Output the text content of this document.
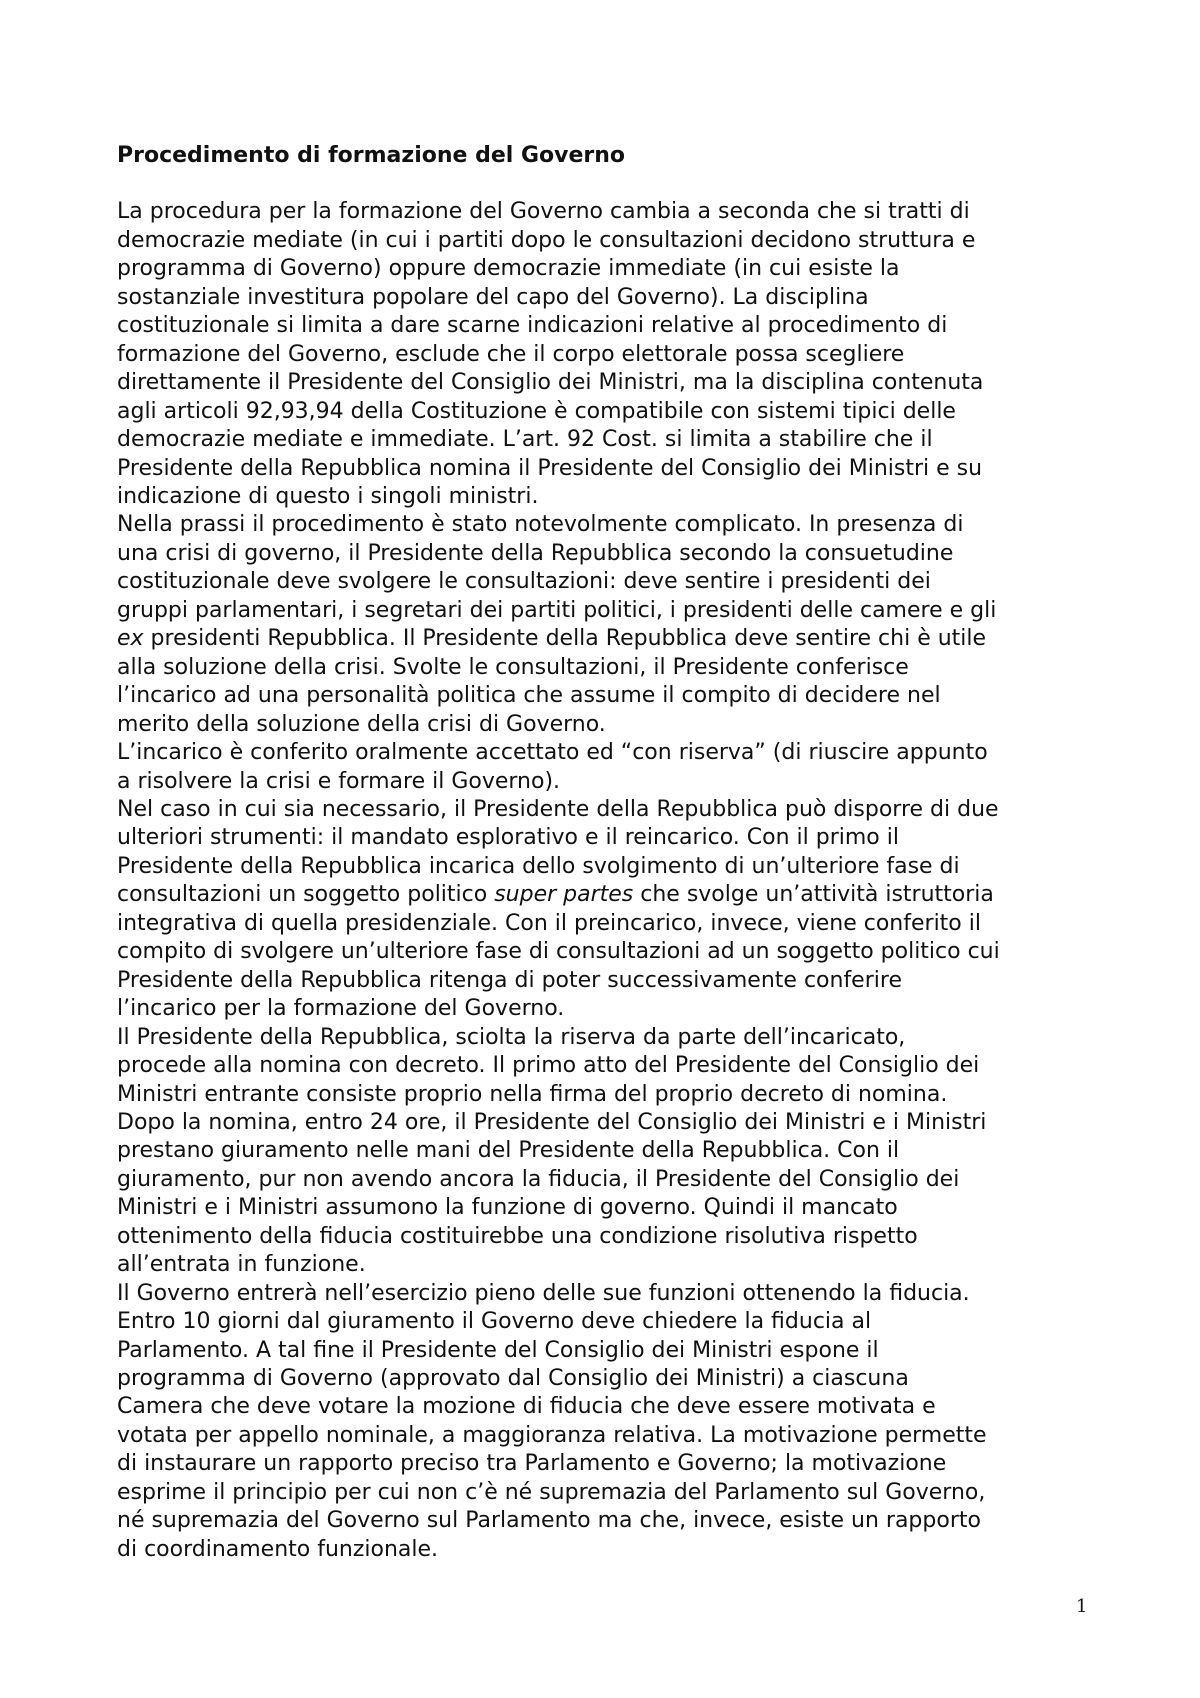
Procedimento di formazione del Governo
La procedura per la formazione del Governo cambia a seconda che si tratti di
democrazie mediate (in cui i partiti dopo le consultazioni decidono struttura e
programma di Governo) oppure democrazie immediate (in cui esiste la
sostanziale investitura popolare del capo del Governo). La disciplina
costituzionale si limita a dare scarne indicazioni relative al procedimento di
formazione del Governo, esclude che il corpo elettorale possa scegliere
direttamente il Presidente del Consiglio dei Ministri, ma la disciplina contenuta
agli articoli 92,93,94 della Costituzione è compatibile con sistemi tipici delle
democrazie mediate e immediate. L’art. 92 Cost. si limita a stabilire che il
Presidente della Repubblica nomina il Presidente del Consiglio dei Ministri e su
indicazione di questo i singoli ministri.
Nella prassi il procedimento è stato notevolmente complicato. In presenza di
una crisi di governo, il Presidente della Repubblica secondo la consuetudine
costituzionale deve svolgere le consultazioni: deve sentire i presidenti dei
gruppi parlamentari, i segretari dei partiti politici, i presidenti delle camere e gli
ex presidenti Repubblica. Il Presidente della Repubblica deve sentire chi è utile
alla soluzione della crisi. Svolte le consultazioni, il Presidente conferisce
l’incarico ad una personalità politica che assume il compito di decidere nel
merito della soluzione della crisi di Governo.
L’incarico è conferito oralmente accettato ed “con riserva” (di riuscire appunto
a risolvere la crisi e formare il Governo).
Nel caso in cui sia necessario, il Presidente della Repubblica può disporre di due
ulteriori strumenti: il mandato esplorativo e il reincarico. Con il primo il
Presidente della Repubblica incarica dello svolgimento di un’ulteriore fase di
consultazioni un soggetto politico super partes che svolge un’attività istruttoria
integrativa di quella presidenziale. Con il preincarico, invece, viene conferito il
compito di svolgere un’ulteriore fase di consultazioni ad un soggetto politico cui
Presidente della Repubblica ritenga di poter successivamente conferire
l’incarico per la formazione del Governo.
Il Presidente della Repubblica, sciolta la riserva da parte dell’incaricato,
procede alla nomina con decreto. Il primo atto del Presidente del Consiglio dei
Ministri entrante consiste proprio nella firma del proprio decreto di nomina.
Dopo la nomina, entro 24 ore, il Presidente del Consiglio dei Ministri e i Ministri
prestano giuramento nelle mani del Presidente della Repubblica. Con il
giuramento, pur non avendo ancora la fiducia, il Presidente del Consiglio dei
Ministri e i Ministri assumono la funzione di governo. Quindi il mancato
ottenimento della fiducia costituirebbe una condizione risolutiva rispetto
all’entrata in funzione.
Il Governo entrerà nell’esercizio pieno delle sue funzioni ottenendo la fiducia.
Entro 10 giorni dal giuramento il Governo deve chiedere la fiducia al
Parlamento. A tal fine il Presidente del Consiglio dei Ministri espone il
programma di Governo (approvato dal Consiglio dei Ministri) a ciascuna
Camera che deve votare la mozione di fiducia che deve essere motivata e
votata per appello nominale, a maggioranza relativa. La motivazione permette
di instaurare un rapporto preciso tra Parlamento e Governo; la motivazione
esprime il principio per cui non c’è né supremazia del Parlamento sul Governo,
né supremazia del Governo sul Parlamento ma che, invece, esiste un rapporto
di coordinamento funzionale.
1
